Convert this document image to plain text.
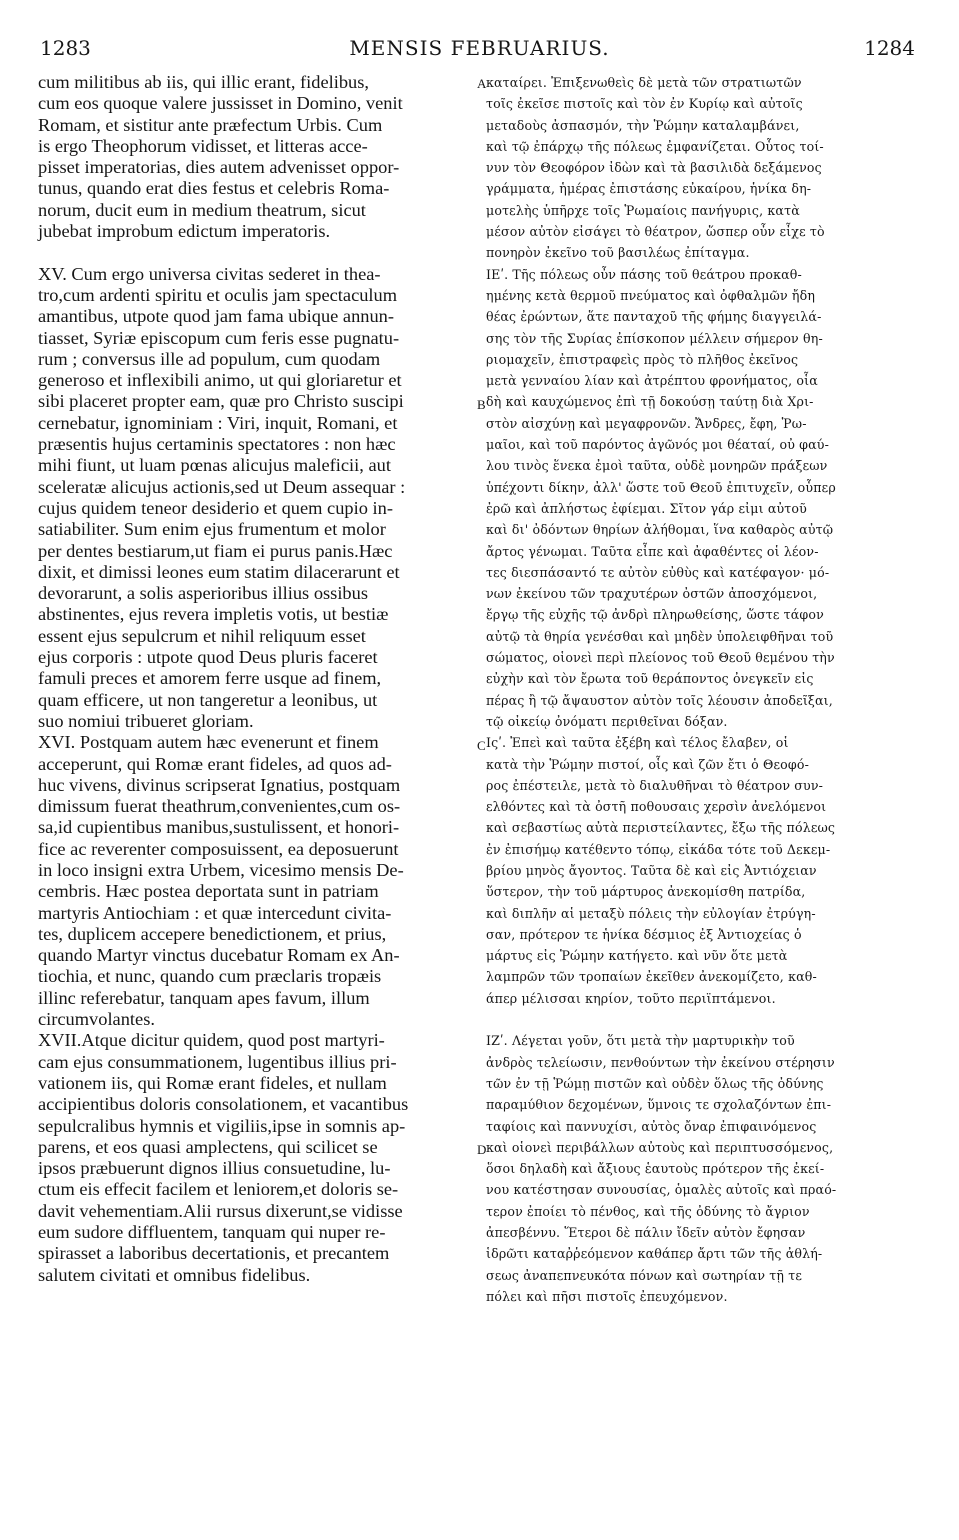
1283	MENSIS FEBRUARIUS.	1284
cum militibus ab iis, qui illic erant, fidelibus,
cum eos quoque valere jussisset in Domino, venit
Romam, et sistitur ante præfectum Urbis. Cum
is ergo Theophorum vidisset, et litteras acce-
pisset imperatorias, dies autem advenisset oppor-
tunus, quando erat dies festus et celebris Roma-
norum, ducit eum in medium theatrum, sicut
jubebat improbum edictum imperatoris.
XV. Cum ergo universa civitas sederet in thea-
tro,cum ardenti spiritu et oculis jam spectaculum
amantibus, utpote quod jam fama ubique annun-
tiasset, Syriæ episcopum cum feris esse pugnatu-
rum ; conversus ille ad populum, cum quodam
generoso et inflexibili animo, ut qui gloriaretur et
sibi placeret propter eam, quæ pro Christo suscipi
cernebatur, ignominiam : Viri, inquit, Romani, et
præsentis hujus certaminis spectatores : non hæc
mihi fiunt, ut luam pœnas alicujus maleficii, aut
sceleratæ alicujus actionis,sed ut Deum assequar :
cujus quidem teneor desiderio et quem cupio in-
satiabiliter. Sum enim ejus frumentum et molor
per dentes bestiarum,ut fiam ei purus panis.Hæc
dixit, et dimissi leones eum statim dilacerarunt et
devorarunt, a solis asperioribus illius ossibus
abstinentes, ejus revera impletis votis, ut bestiæ
essent ejus sepulcrum et nihil reliquum esset
ejus corporis : utpote quod Deus pluris faceret
famuli preces et amorem ferre usque ad finem,
quam efficere, ut non tangeretur a leonibus, ut
suo nomiui tribueret gloriam.
XVI. Postquam autem hæc evenerunt et finem
acceperunt, qui Romæ erant fideles, ad quos ad-
huc vivens, divinus scripserat Ignatius, postquam
dimissum fuerat theathrum,convenientes,cum os-
sa,id cupientibus manibus,sustulissent, et honori-
fice ac reverenter composuissent, ea deposuerunt
in loco insigni extra Urbem, vicesimo mensis De-
cembris. Hæc postea deportata sunt in patriam
martyris Antiochiam : et quæ intercedunt civita-
tes, duplicem accepere benedictionem, et prius,
quando Martyr vinctus ducebatur Romam ex An-
tiochia, et nunc, quando cum præclaris tropæis
illinc referebatur, tanquam apes favum, illum
circumvolantes.
XVII.Atque dicitur quidem, quod post martyri-
cam ejus consummationem, lugentibus illius pri-
vationem iis, qui Romæ erant fideles, et nullam
accipientibus doloris consolationem, et vacantibus
sepulcralibus hymnis et vigiliis,ipse in somnis ap-
parens, et eos quasi amplectens, qui scilicet se
ipsos præbuerunt dignos illius consuetudine, lu-
ctum eis effecit facilem et leniorem,et doloris se-
davit vehementiam.Alii rursus dixerunt,se vidisse
eum sudore diffluentem, tanquam qui nuper re-
spirasset a laboribus decertationis, et precantem
salutem civitati et omnibus fidelibus.
καταίρει. Ἐπιξενωθεὶς δὲ μετὰ τῶν στρατιωτῶν
τοῖς ἐκεῖσε πιστοῖς καὶ τὸν ἐν Κυρίῳ καὶ αὐτοῖς
μεταδοὺς ἀσπασμόν, τὴν Ῥώμην καταλαμβάνει,
καὶ τῷ ἐπάρχῳ τῆς πόλεως ἐμφανίζεται. Οὗτος τοί-
νυν τὸν Θεοφόρον ἰδὼν καὶ τὰ βασιλιδὰ δεξάμενος
γράμματα, ἡμέρας ἐπιστάσης εὐκαίρου, ἡνίκα δη-
μοτελὴς ὑπῆρχε τοῖς Ῥωμαίοις πανήγυρις, κατὰ
μέσον αὐτὸν εἰσάγει τὸ θέατρον, ὥσπερ οὖν εἶχε τὸ
πονηρὸν ἐκεῖνο τοῦ βασιλέως ἐπίταγμα.
ΙΕʹ. Τῆς πόλεως οὖν πάσης τοῦ θεάτρου προκαθ-
ημένης κετὰ θερμοῦ πνεύματος καὶ ὀφθαλμῶν ἤδη
θέας ἐρώντων, ἅτε πανταχοῦ τῆς φήμης διαγγειλά-
σης τὸν τῆς Συρίας ἐπίσκοπον μέλλειν σήμερον θη-
ριομαχεῖν, ἐπιστραφεὶς πρὸς τὸ πλῆθος ἐκεῖνος
μετὰ γενναίου λίαν καὶ ἀτρέπτου φρονήματος, οἷα
δὴ καὶ καυχώμενος ἐπὶ τῇ δοκούσῃ ταύτῃ διὰ Χρι-
στὸν αἰσχύνῃ καὶ μεγαφρονῶν. Ἄνδρες, ἔφη, Ῥω-
μαῖοι, καὶ τοῦ παρόντος ἀγῶνός μοι θέαταί, οὐ φαύ-
λου τινὸς ἕνεκα ἐμοὶ ταῦτα, οὐδὲ μονηρῶν πράξεων
ὑπέχοντι δίκην, ἀλλ' ὥστε τοῦ Θεοῦ ἐπιτυχεῖν, οὗπερ
ἐρῶ καὶ ἀπλήστως ἐφίεμαι. Σῖτον γάρ εἰμι αὐτοῦ
καὶ δι' ὀδόντων θηρίων ἀλήθομαι, ἵνα καθαρὸς αὐτῷ
ἄρτος γένωμαι. Ταῦτα εἶπε καὶ ἀφαθέντες οἱ λέον-
τες διεσπάσαντό τε αὐτὸν εὐθὺς καὶ κατέφαγον· μό-
νων ἐκείνου τῶν τραχυτέρων ὀστῶν ἀποσχόμενοι,
ἔργῳ τῆς εὐχῆς τῷ ἀνδρὶ πληρωθείσης, ὥστε τάφον
αὐτῷ τὰ θηρία γενέσθαι καὶ μηδὲν ὑπολειφθῆναι τοῦ
σώματος, οἱονεὶ περὶ πλείονος τοῦ Θεοῦ θεμένου τὴν
εὐχὴν καὶ τὸν ἔρωτα τοῦ θεράποντος ὀνεγκεῖν εἰς
πέρας ἢ τῷ ἄψαυστον αὐτὸν τοῖς λέουσιν ἀποδεῖξαι,
τῷ οἰκείῳ ὀνόματι περιθεῖναι δόξαν.
Ιςʹ. Ἐπεὶ καὶ ταῦτα ἐξέβη καὶ τέλος ἔλαβεν, οἱ
κατὰ τὴν Ῥώμην πιστοί, οἷς καὶ ζῶν ἔτι ὁ Θεοφό-
ρος ἐπέστειλε, μετὰ τὸ διαλυθῆναι τὸ θέατρον συν-
ελθόντες καὶ τὰ ὀστῆ ποθουσαις χερσὶν ἀνελόμενοι
καὶ σεβαστίως αὐτὰ περιστείλαντες, ἔξω τῆς πόλεως
ἐν ἐπισήμῳ κατέθεντο τόπῳ, εἰκάδα τότε τοῦ Δεκεμ-
βρίου μηνὸς ἄγοντος. Ταῦτα δὲ καὶ εἰς Ἀντιόχειαν
ὕστερον, τὴν τοῦ μάρτυρος ἀνεκομίσθη πατρίδα,
καὶ διπλῆν αἱ μεταξὺ πόλεις τὴν εὐλογίαν ἐτρύγη-
σαν, πρότερον τε ἡνίκα δέσμιος ἐξ Ἀντιοχείας ὁ
μάρτυς εἰς Ῥώμην κατήγετο. καὶ νῦν ὅτε μετὰ
λαμπρῶν τῶν τροπαίων ἐκεῖθεν ἀνεκομίζετο, καθ-
άπερ μέλισσαι κηρίον, τοῦτο περιϊπτάμενοι.
ΙΖʹ. Λέγεται γοῦν, ὅτι μετὰ τὴν μαρτυρικὴν τοῦ
ἀνδρὸς τελείωσιν, πενθούντων τὴν ἐκείνου στέρησιν
τῶν ἐν τῇ Ῥώμῃ πιστῶν καὶ οὐδὲν ὅλως τῆς ὀδύνης
παραμύθιον δεχομένων, ὕμνοις τε σχολαζόντων ἐπι-
ταφίοις καὶ παννυχίσι, αὐτὸς ὄναρ ἐπιφαινόμενος
καὶ οἱονεὶ περιβάλλων αὐτοὺς καὶ περιπτυσσόμενος,
ὅσοι δηλαδὴ καὶ ἄξιους ἑαυτοὺς πρότερον τῆς ἐκεί-
νου κατέστησαν συνουσίας, ὁμαλὲς αὐτοῖς καὶ πραό-
τερον ἐποίει τὸ πένθος, καὶ τῆς ὀδύνης τὸ ἄγριον
ἀπεσβέννυ. Ἕτεροι δὲ πάλιν ἴδεῖν αὐτὸν ἔφησαν
ἱδρῶτι καταῤῥεόμενον καθάπερ ἄρτι τῶν τῆς ἀθλή-
σεως ἀναπεπνευκότα πόνων καὶ σωτηρίαν τῇ τε
πόλει καὶ πῆσι πιστοῖς ἐπευχόμενον.
A
B
C
D
